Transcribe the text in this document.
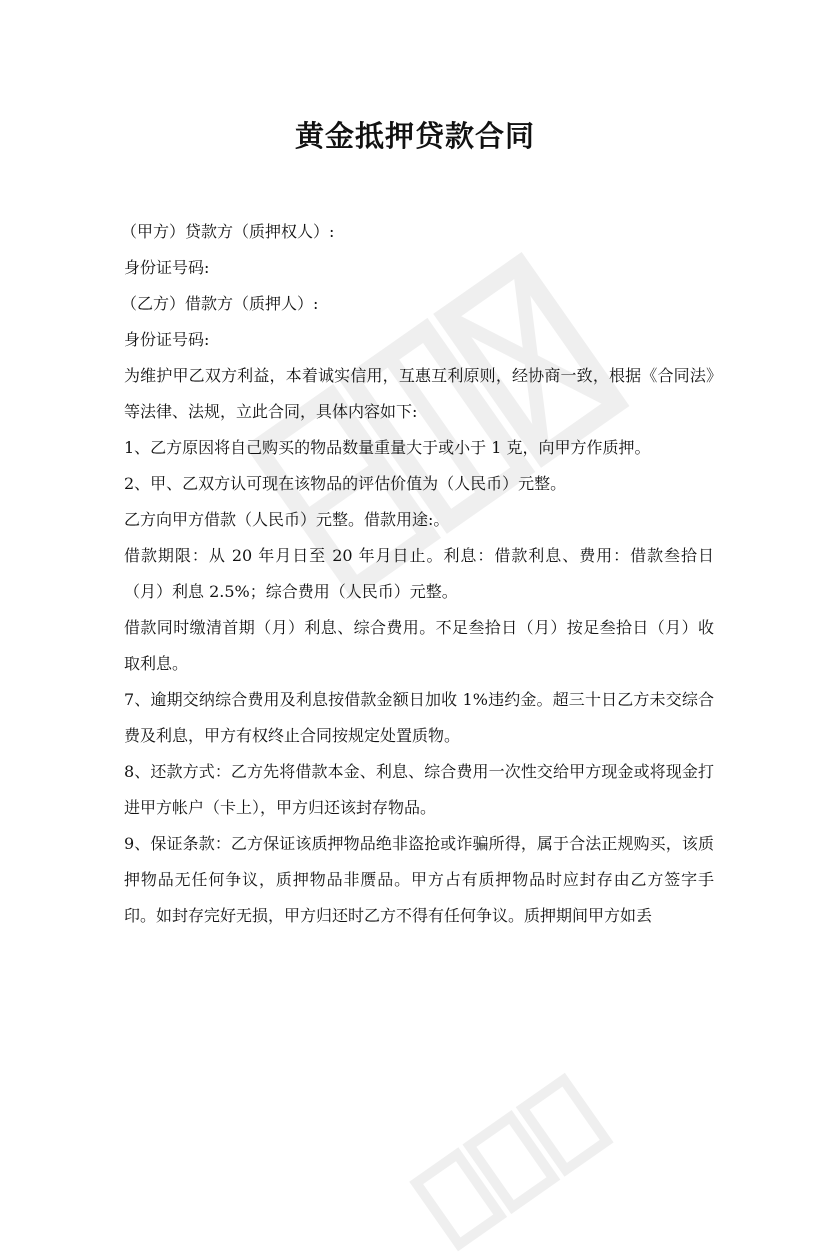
黄金抵押贷款合同

（甲方）贷款方（质押权人）:

身份证号码:

（乙方）借款方（质押人）:

身份证号码:

为维护甲乙双方利益，本着诚实信用，互惠互利原则，经协商一致，根据《合同法》等法律、法规，立此合同，具体内容如下:

1、乙方原因将自己购买的物品数量重量大于或小于 1 克，向甲方作质押。

2、甲、乙双方认可现在该物品的评估价值为（人民币）元整。

乙方向甲方借款（人民币）元整。借款用途:。

借款期限：从 20 年月日至 20 年月日止。利息：借款利息、费用：借款叁拾日（月）利息 2.5%；综合费用（人民币）元整。

借款同时缴清首期（月）利息、综合费用。不足叁拾日（月）按足叁拾日（月）收取利息。

7、逾期交纳综合费用及利息按借款金额日加收 1%违约金。超三十日乙方未交综合费及利息，甲方有权终止合同按规定处置质物。

8、还款方式：乙方先将借款本金、利息、综合费用一次性交给甲方现金或将现金打进甲方帐户（卡上），甲方归还该封存物品。

9、保证条款：乙方保证该质押物品绝非盗抢或诈骗所得，属于合法正规购买，该质押物品无任何争议，质押物品非赝品。甲方占有质押物品时应封存由乙方签字手印。如封存完好无损，甲方归还时乙方不得有任何争议。质押期间甲方如丢
